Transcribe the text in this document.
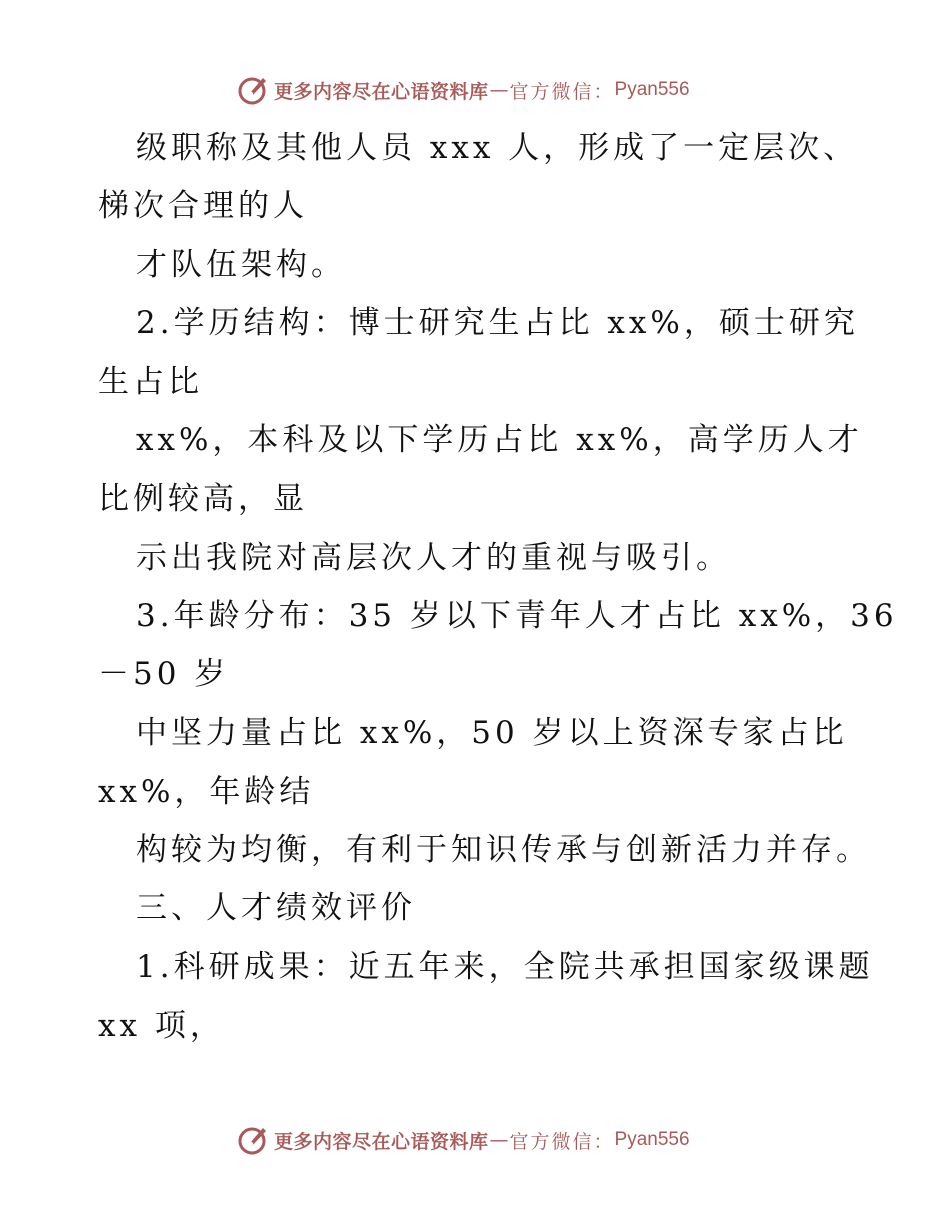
更多内容尽在心语资料库 — 官方微信： Pyan556
级职称及其他人员 xxx 人，形成了一定层次、
梯次合理的人
才队伍架构。
2.学历结构：博士研究生占比 xx%，硕士研究
生占比
xx%，本科及以下学历占比 xx%，高学历人才
比例较高，显
示出我院对高层次人才的重视与吸引。
3.年龄分布：35 岁以下青年人才占比 xx%，36
－50 岁
中坚力量占比 xx%，50 岁以上资深专家占比
xx%，年龄结
构较为均衡，有利于知识传承与创新活力并存。
三、人才绩效评价
1.科研成果：近五年来，全院共承担国家级课题
xx 项，
更多内容尽在心语资料库 — 官方微信： Pyan556
